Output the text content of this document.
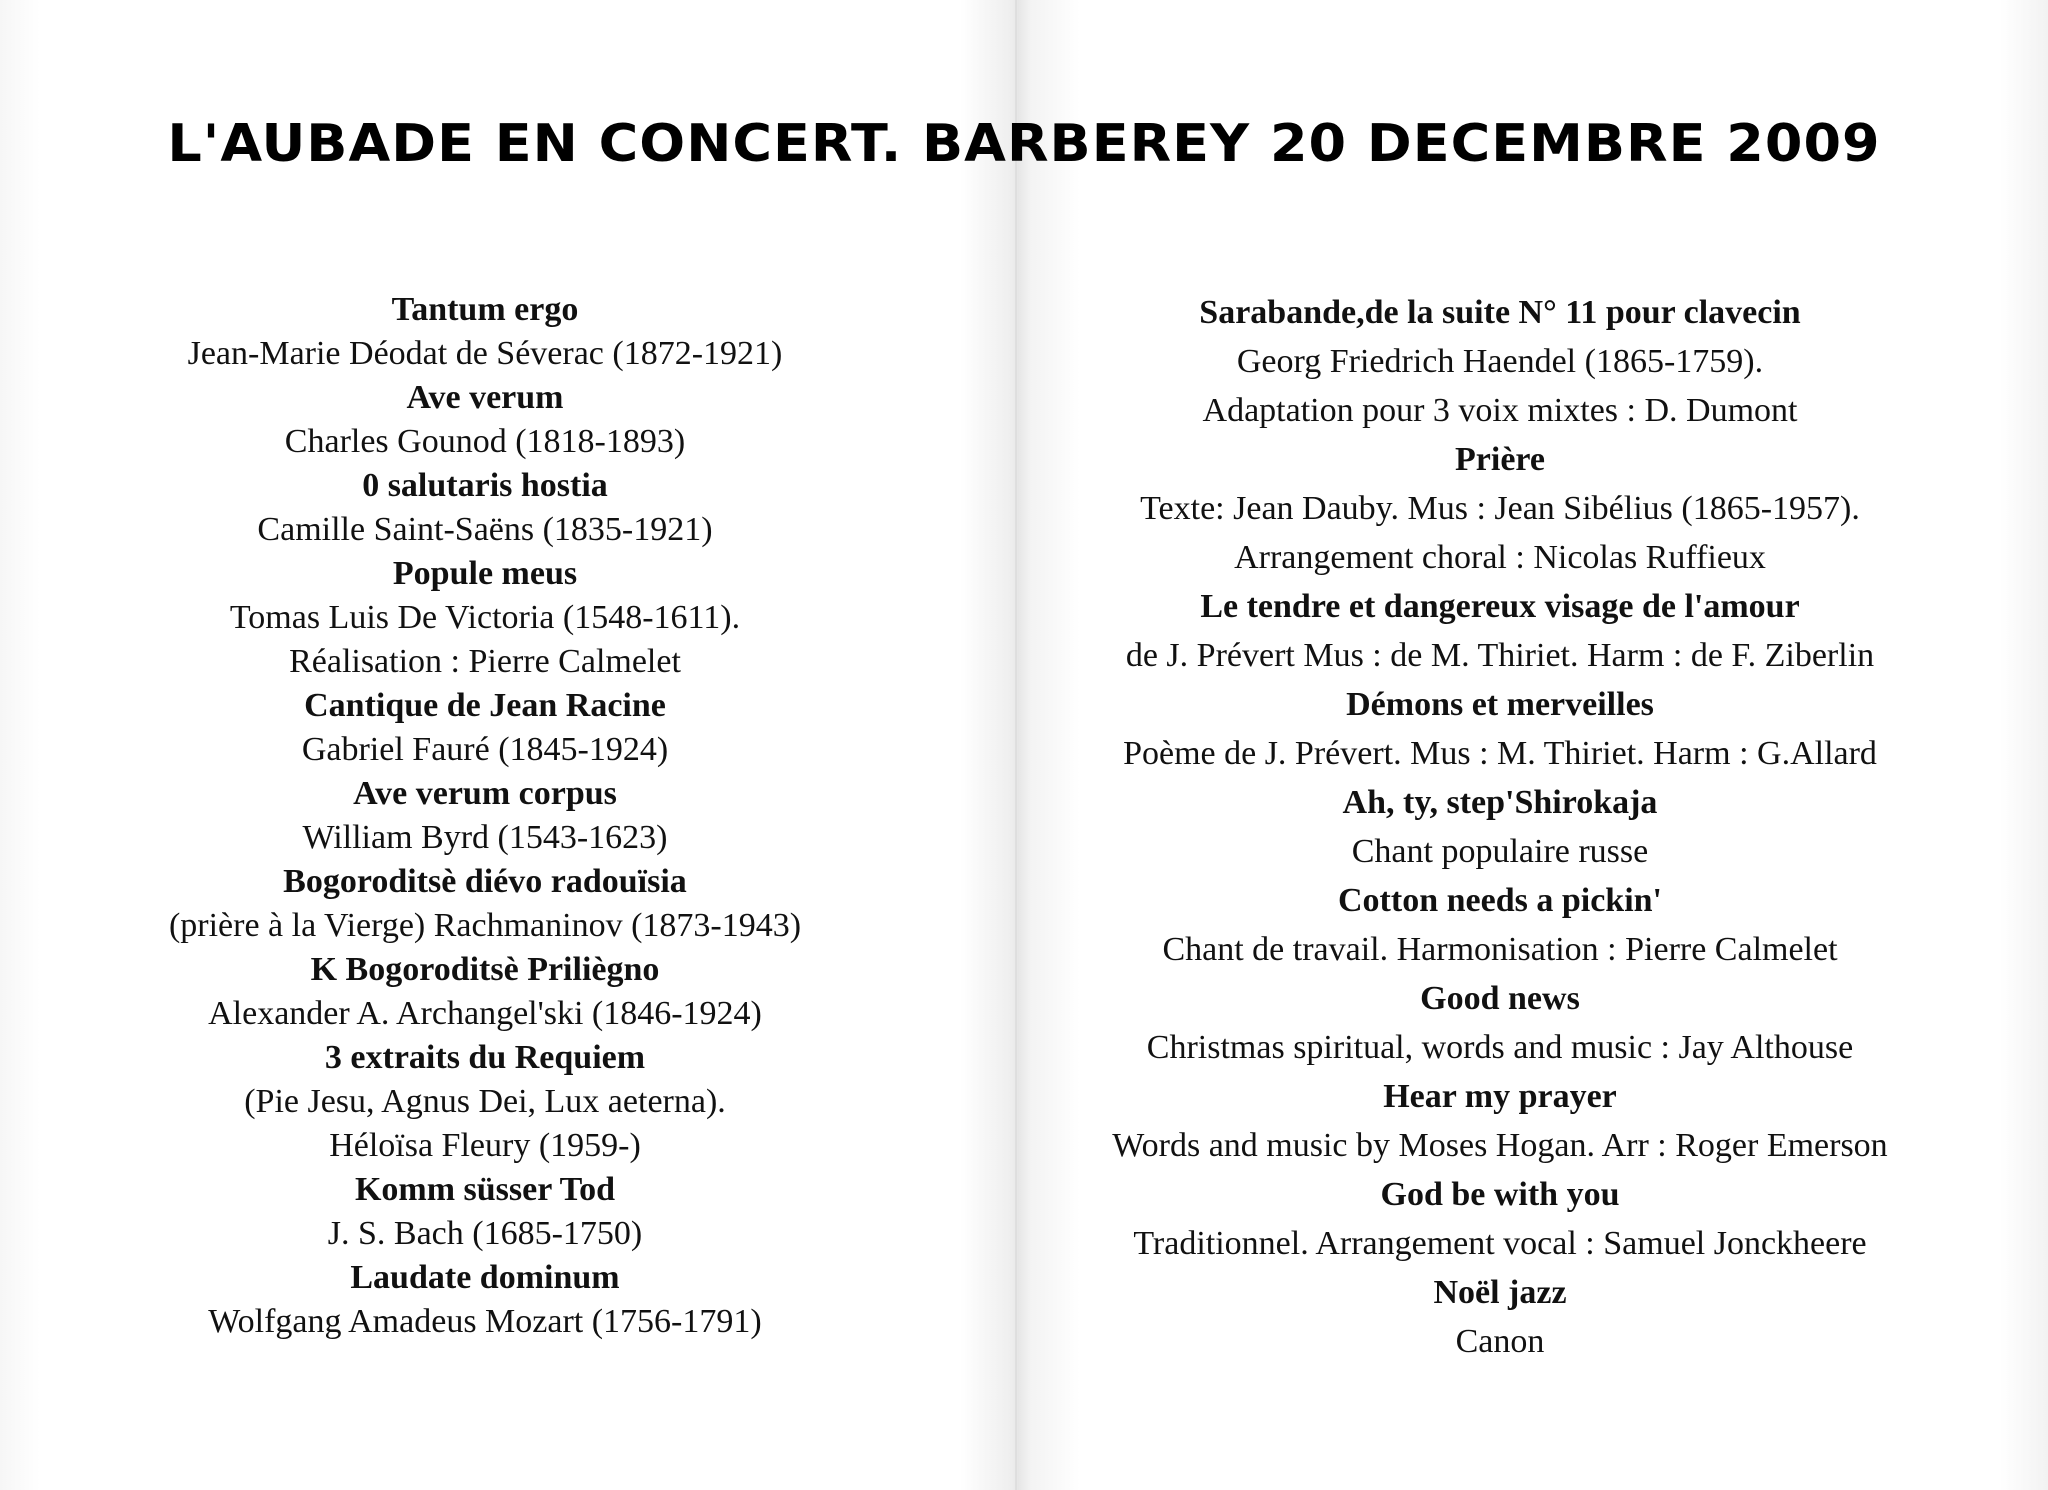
L'AUBADE EN CONCERT. BARBEREY 20 DECEMBRE 2009
Tantum ergo
Jean-Marie Déodat de Séverac (1872-1921)
Ave verum
Charles Gounod (1818-1893)
0 salutaris hostia
Camille Saint-Saëns (1835-1921)
Popule meus
Tomas Luis De Victoria (1548-1611).
Réalisation : Pierre Calmelet
Cantique de Jean Racine
Gabriel Fauré (1845-1924)
Ave verum corpus
William Byrd (1543-1623)
Bogoroditsè diévo radouïsia
(prière à la Vierge) Rachmaninov (1873-1943)
K Bogoroditsè Priliègno
Alexander A. Archangel'ski (1846-1924)
3 extraits du Requiem
(Pie Jesu, Agnus Dei, Lux aeterna).
Héloïsa Fleury (1959-)
Komm süsser Tod
J. S. Bach (1685-1750)
Laudate dominum
Wolfgang Amadeus Mozart (1756-1791)
Sarabande,de la suite N° 11 pour clavecin
Georg Friedrich Haendel (1865-1759).
Adaptation pour 3 voix mixtes : D. Dumont
Prière
Texte: Jean Dauby. Mus : Jean Sibélius (1865-1957).
Arrangement choral : Nicolas Ruffieux
Le tendre et dangereux visage de l'amour
de J. Prévert Mus : de M. Thiriet. Harm : de F. Ziberlin
Démons et merveilles
Poème de J. Prévert. Mus : M. Thiriet. Harm : G.Allard
Ah, ty, step'Shirokaja
Chant populaire russe
Cotton needs a pickin'
Chant de travail. Harmonisation : Pierre Calmelet
Good news
Christmas spiritual, words and music : Jay Althouse
Hear my prayer
Words and music by Moses Hogan. Arr : Roger Emerson
God be with you
Traditionnel. Arrangement vocal : Samuel Jonckheere
Noël jazz
Canon
